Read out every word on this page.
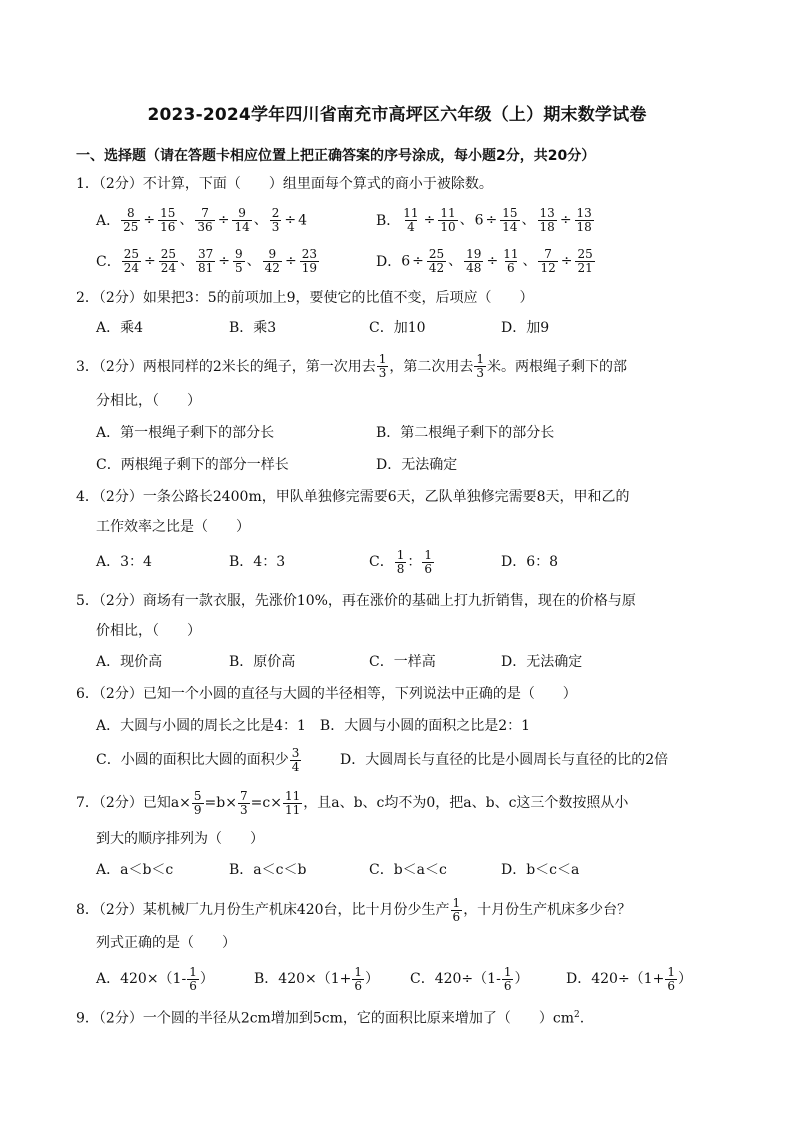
2023-2024学年四川省南充市高坪区六年级（上）期末数学试卷
一、选择题（请在答题卡相应位置上把正确答案的序号涂成，每小题2分，共20分）
1．（2分）不计算，下面（　　）组里面每个算式的商小于被除数。
A． $\frac{8}{25} \div \frac{15}{16}$ 、 $\frac{7}{36} \div \frac{9}{14}$ 、 $\frac{2}{3} \div 4$	B． $\frac{11}{4} \div \frac{11}{10}$ 、$6 \div \frac{15}{14}$ 、 $\frac{13}{18} \div \frac{13}{18}$
C． $\frac{25}{24} \div \frac{25}{24}$ 、 $\frac{37}{81} \div \frac{9}{5}$ 、 $\frac{9}{42} \div \frac{23}{19}$	D． $6 \div \frac{25}{42}$ 、 $\frac{19}{48} \div \frac{11}{6}$ 、 $\frac{7}{12} \div \frac{25}{21}$
2．（2分）如果把3：5的前项加上9，要使它的比值不变，后项应（　　）
A．乘4	B．乘3	C．加10	D．加9
3．（2分）两根同样的2米长的绳子，第一次用去 $\frac{1}{3}$ ，第二次用去 $\frac{1}{3}$ 米。两根绳子剩下的部
分相比，（　　）
A．第一根绳子剩下的部分长	B．第二根绳子剩下的部分长
C．两根绳子剩下的部分一样长	D．无法确定
4．（2分）一条公路长2400m，甲队单独修完需要6天，乙队单独修完需要8天，甲和乙的
工作效率之比是（　　）
A．3：4	B．4：3	C． $\frac{1}{8}$ ： $\frac{1}{6}$	D．6：8
5．（2分）商场有一款衣服，先涨价10%，再在涨价的基础上打九折销售，现在的价格与原
价相比，（　　）
A．现价高	B．原价高	C．一样高	D．无法确定
6．（2分）已知一个小圆的直径与大圆的半径相等，下列说法中正确的是（　　）
A．大圆与小圆的周长之比是4：1　B．大圆与小圆的面积之比是2：1
C．小圆的面积比大圆的面积少 $\frac{3}{4}$	D．大圆周长与直径的比是小圆周长与直径的比的2倍
7．（2分）已知$a\times \frac{5}{9} =b\times \frac{7}{3} =c\times \frac{11}{11}$ ，且a、b、c均不为0，把a、b、c这三个数按照从小
到大的顺序排列为（　　）
A．a＜b＜c	B．a＜c＜b	C．b＜a＜c	D．b＜c＜a
8．（2分）某机械厂九月份生产机床420台，比十月份少生产 $\frac{1}{6}$ ，十月份生产机床多少台？
列式正确的是（　　）
A．$420\times(1- \frac{1}{6}$ ）	B．$420\times(1+ \frac{1}{6}$ ） C．$420\div(1- \frac{1}{6}$ ）	D．$420\div(1+ \frac{1}{6}$ ）
9．（2分）一个圆的半径从2cm增加到5cm，它的面积比原来增加了（　　）$cm^2$.
